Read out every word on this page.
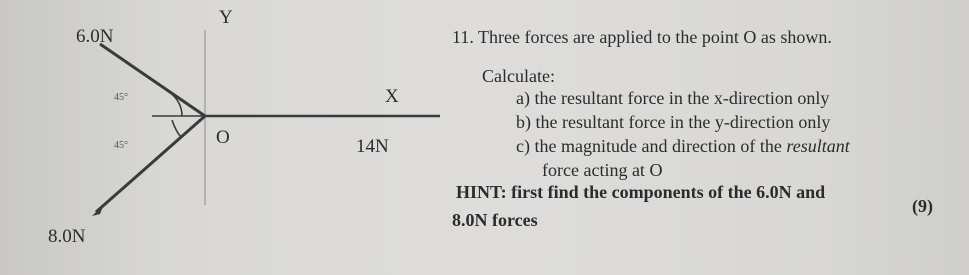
6.0N
8.0N
14N
Y
X
O
45°
45°
11. Three forces are applied to the point O as shown.
Calculate:
a) the resultant force in the x-direction only
b) the resultant force in the y-direction only
c) the magnitude and direction of the resultant
force acting at O
HINT: first find the components of the 6.0N and
8.0N forces
(9)
